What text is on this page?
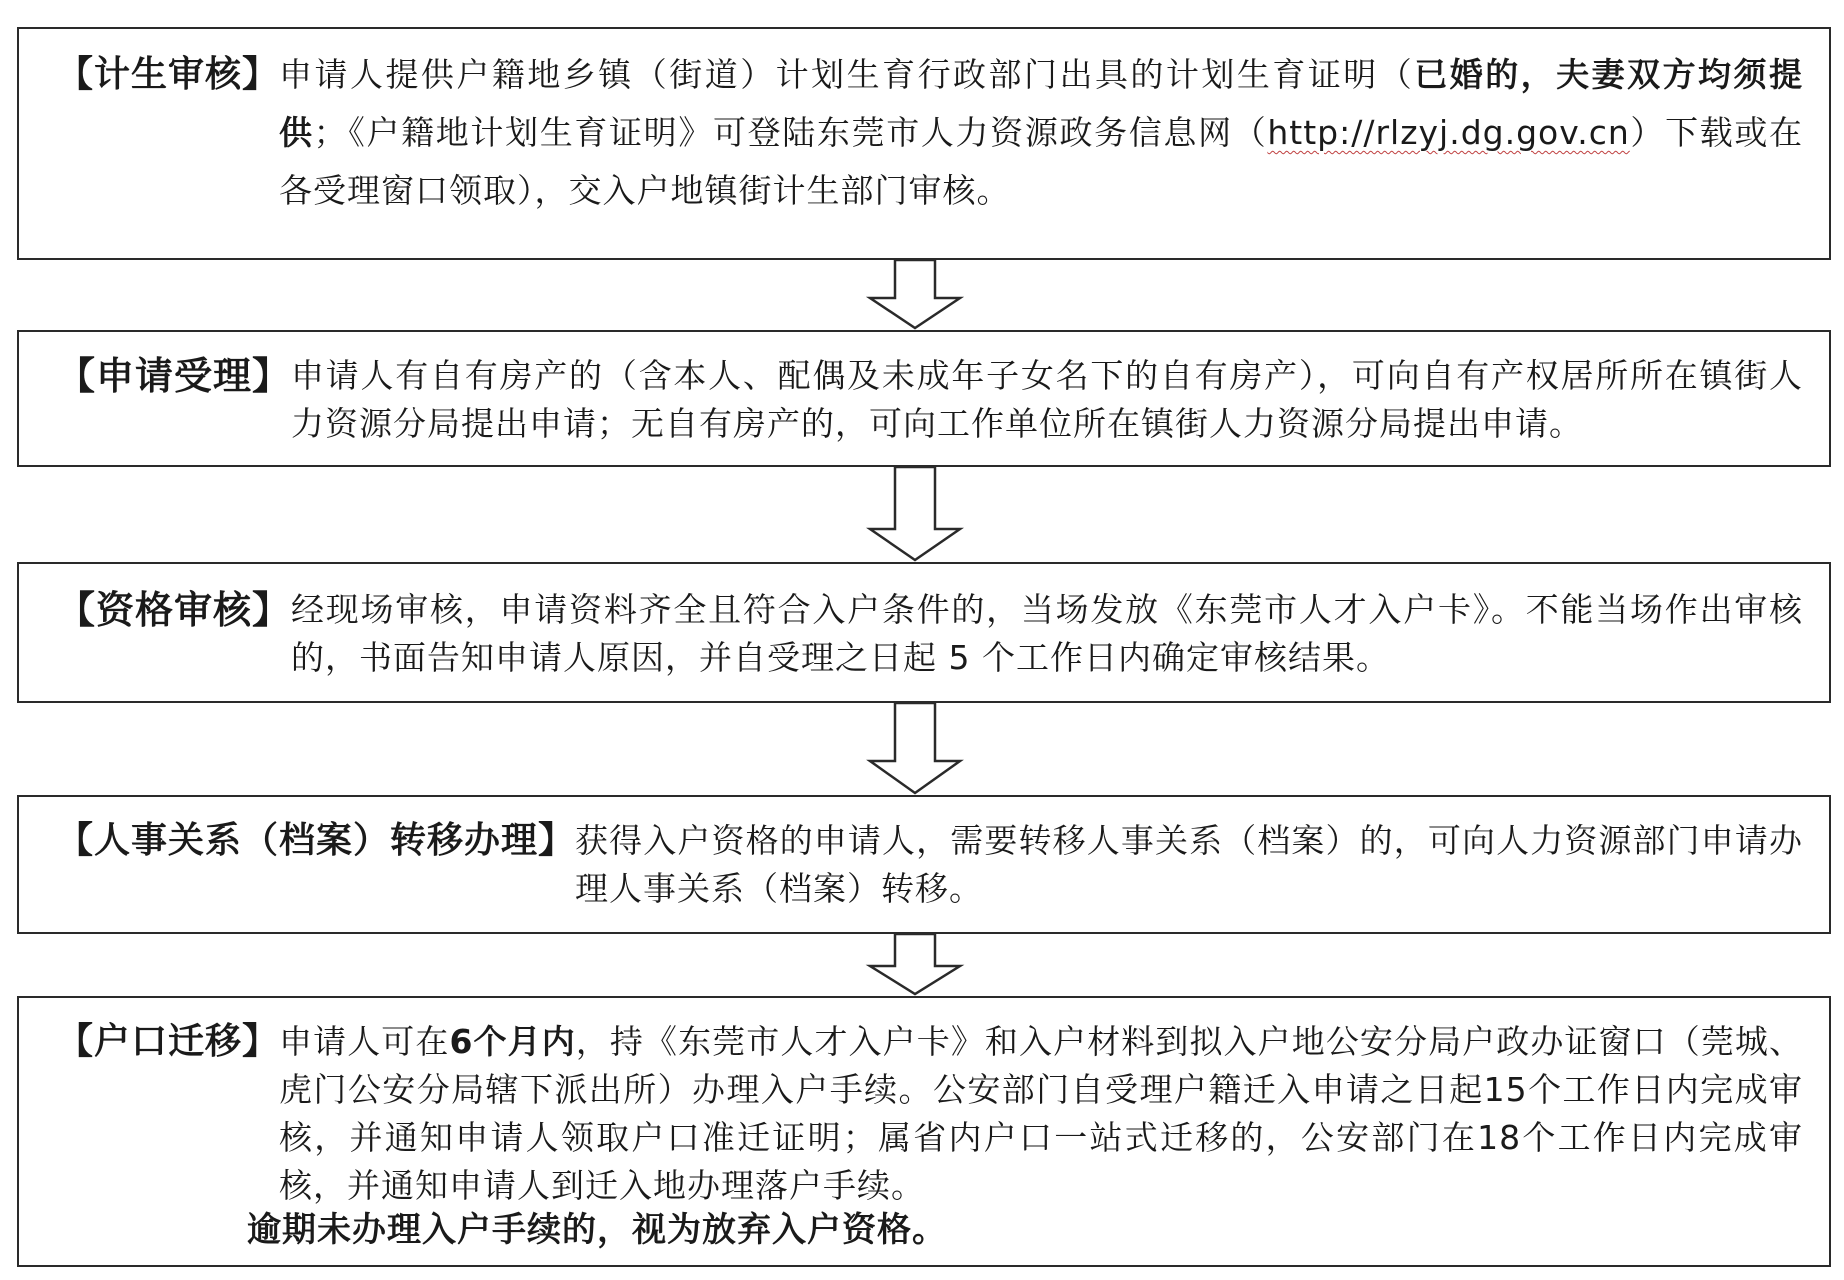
【计生审核】 申请人提供户籍地乡镇（街道）计划生育行政部门出具的计划生育证明（已婚的，夫妻双方均须提供；《户籍地计划生育证明》可登陆东莞市人力资源政务信息网（http://rlzyj.dg.gov.cn）下载或在各受理窗口领取），交入户地镇街计生部门审核。
【申请受理】 申请人有自有房产的（含本人、配偶及未成年子女名下的自有房产），可向自有产权居所所在镇街人力资源分局提出申请；无自有房产的，可向工作单位所在镇街人力资源分局提出申请。
【资格审核】 经现场审核，申请资料齐全且符合入户条件的，当场发放《东莞市人才入户卡》。不能当场作出审核的，书面告知申请人原因，并自受理之日起 5 个工作日内确定审核结果。
【人事关系（档案）转移办理】 获得入户资格的申请人，需要转移人事关系（档案）的，可向人力资源部门申请办理人事关系（档案）转移。
【户口迁移】 申请人可在6个月内，持《东莞市人才入户卡》和入户材料到拟入户地公安分局户政办证窗口（莞城、虎门公安分局辖下派出所）办理入户手续。公安部门自受理户籍迁入申请之日起15个工作日内完成审核，并通知申请人领取户口准迁证明；属省内户口一站式迁移的，公安部门在18个工作日内完成审核，并通知申请人到迁入地办理落户手续。
逾期未办理入户手续的，视为放弃入户资格。
